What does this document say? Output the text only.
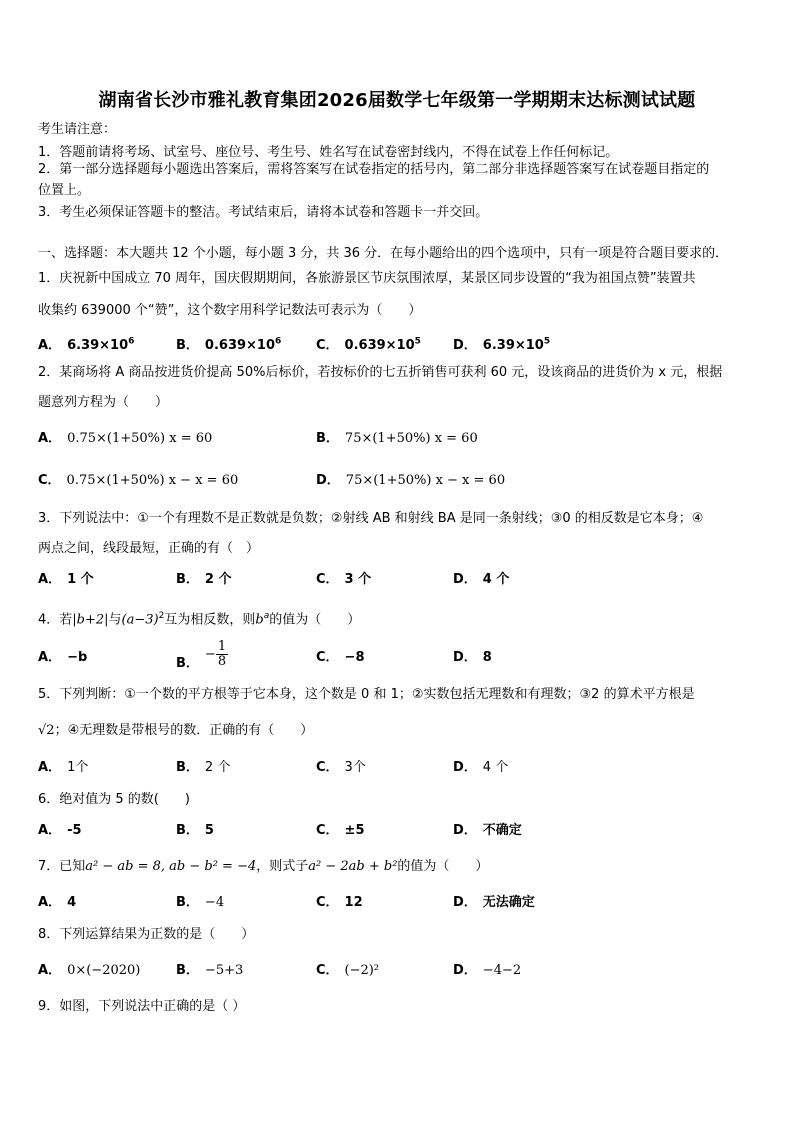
湖南省长沙市雅礼教育集团2026届数学七年级第一学期期末达标测试试题
考生请注意：
1．答题前请将考场、试室号、座位号、考生号、姓名写在试卷密封线内，不得在试卷上作任何标记。
2．第一部分选择题每小题选出答案后，需将答案写在试卷指定的括号内，第二部分非选择题答案写在试卷题目指定的
位置上。
3．考生必须保证答题卡的整洁。考试结束后，请将本试卷和答题卡一并交回。
一、选择题：本大题共 12 个小题，每小题 3 分，共 36 分．在每小题给出的四个选项中，只有一项是符合题目要求的．
1．庆祝新中国成立 70 周年，国庆假期期间，各旅游景区节庆氛围浓厚，某景区同步设置的“我为祖国点赞”装置共
收集约 639000 个“赞”，这个数字用科学记数法可表示为（　　）
A． $6.39\times 10^6$	B． $0.639\times 10^6$	C． $0.639\times 10^5$ D． $6.39\times 10^5$
2．某商场将 A 商品按进货价提高 50%后标价，若按标价的七五折销售可获利 60 元，设该商品的进货价为 x 元，根据
题意列方程为（　　）
A． 0.75×(1+50%) x = 60	B． 75×(1+50%) x = 60
C． 0.75×(1+50%) x − x = 60	D． 75×(1+50%) x − x = 60
3．下列说法中：①一个有理数不是正数就是负数；②射线 AB 和射线 BA 是同一条射线；③0 的相反数是它本身；④
两点之间，线段最短，正确的有（　）
A． 1 个	B． 2 个	C． 3 个	D． 4 个
4．若|b+2|与$(a-3)^2$互为相反数，则$b^a$的值为（　　）
A． −b	B．− $\frac{1}{8}$	C． −8	D． 8
5．下列判断：①一个数的平方根等于它本身，这个数是 0 和 1；②实数包括无理数和有理数；③2 的算术平方根是
√2；④无理数是带根号的数．正确的有（　　）
A． 1个	B． 2 个	C． 3个	D． 4 个
6．绝对值为 5 的数(　　)
A． -5	B． 5	C． ±5	D． 不确定
7．已知a² − ab = 8, ab − b² = −4，则式子a² − 2ab + b²的值为（　　）
A． 4	B． −4	C． 12	D． 无法确定
8．下列运算结果为正数的是（　　）
A． 0×(−2020)	B． −5+3	C． (−2)²	D． −4−2
9．如图，下列说法中正确的是（ ）
